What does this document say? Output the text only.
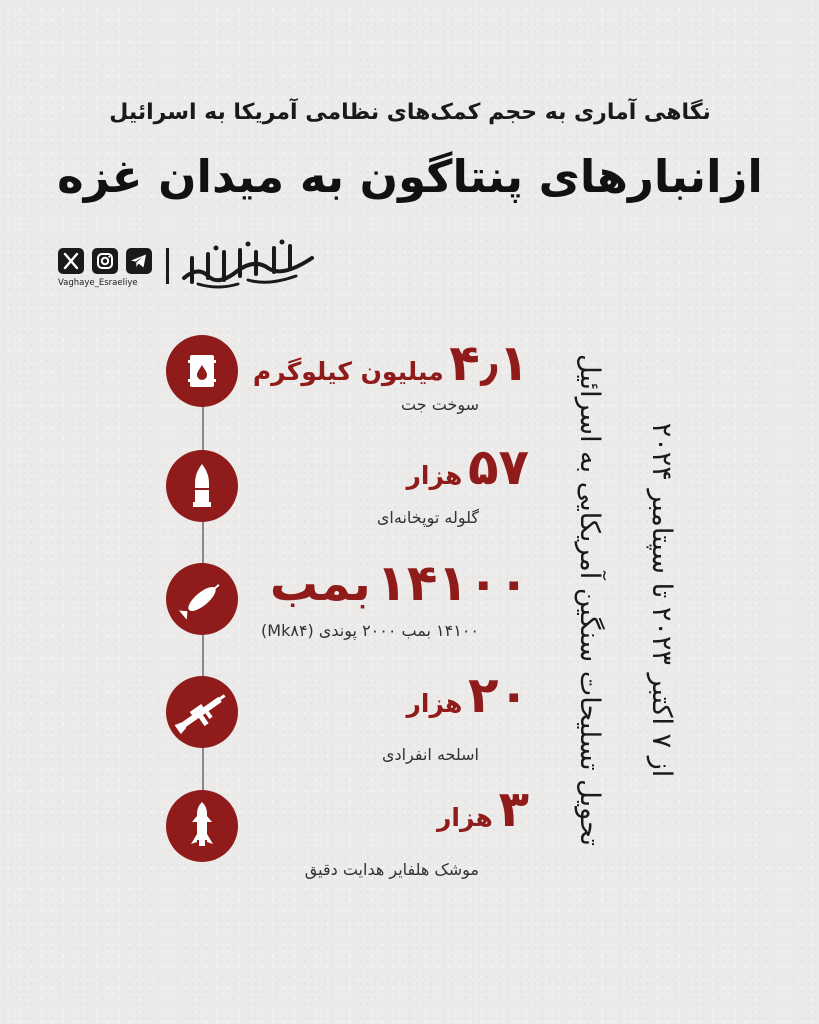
نگاهی آماری به حجم کمک‌های نظامی آمریکا به اسرائیل
ازانبارهای پنتاگون به میدان غزه
Vaghaye_Esraeliye
۴٫۱ میلیون کیلوگرم
سوخت جت
۵۷ هزار
گلوله توپخانه‌ای
۱۴۱۰۰ بمب
۱۴۱۰۰ بمب ۲۰۰۰ پوندی (Mk۸۴)
۲۰ هزار
اسلحه انفرادی
۳ هزار
موشک هلفایر هدایت دقیق
تحویل تسلیحات سنگین آمریکایی به اسرائیل از ۷ اکتبر ۲۰۲۳ تا سپتامبر ۲۰۲۴
